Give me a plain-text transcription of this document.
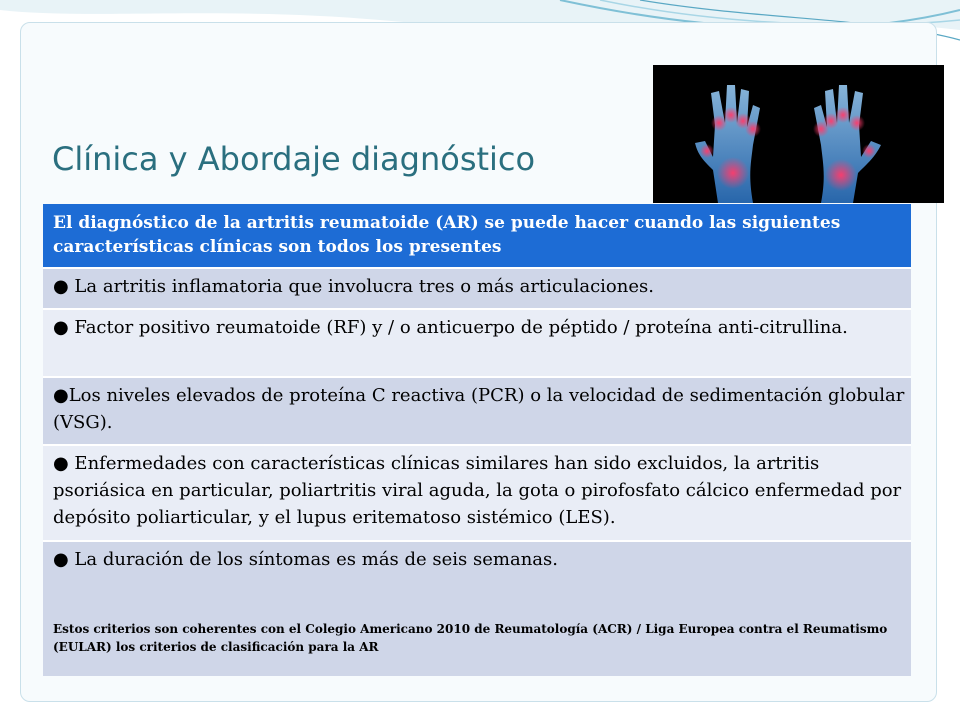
Clínica y Abordaje diagnóstico
El diagnóstico de la artritis reumatoide (AR) se puede hacer cuando las siguientes características clínicas son todos los presentes
● La artritis inflamatoria que involucra tres o más articulaciones.
● Factor positivo reumatoide (RF) y / o anticuerpo de péptido / proteína anti-citrullina.
●Los niveles elevados de proteína C reactiva (PCR) o la velocidad de sedimentación globular (VSG).
● Enfermedades con características clínicas similares han sido excluidos, la artritis psoriásica en particular, poliartritis viral aguda, la gota o pirofosfato cálcico enfermedad por depósito poliarticular, y el lupus eritematoso sistémico (LES).
● La duración de los síntomas es más de seis semanas.
Estos criterios son coherentes con el Colegio Americano 2010 de Reumatología (ACR) / Liga Europea contra el Reumatismo (EULAR) los criterios de clasificación para la AR
